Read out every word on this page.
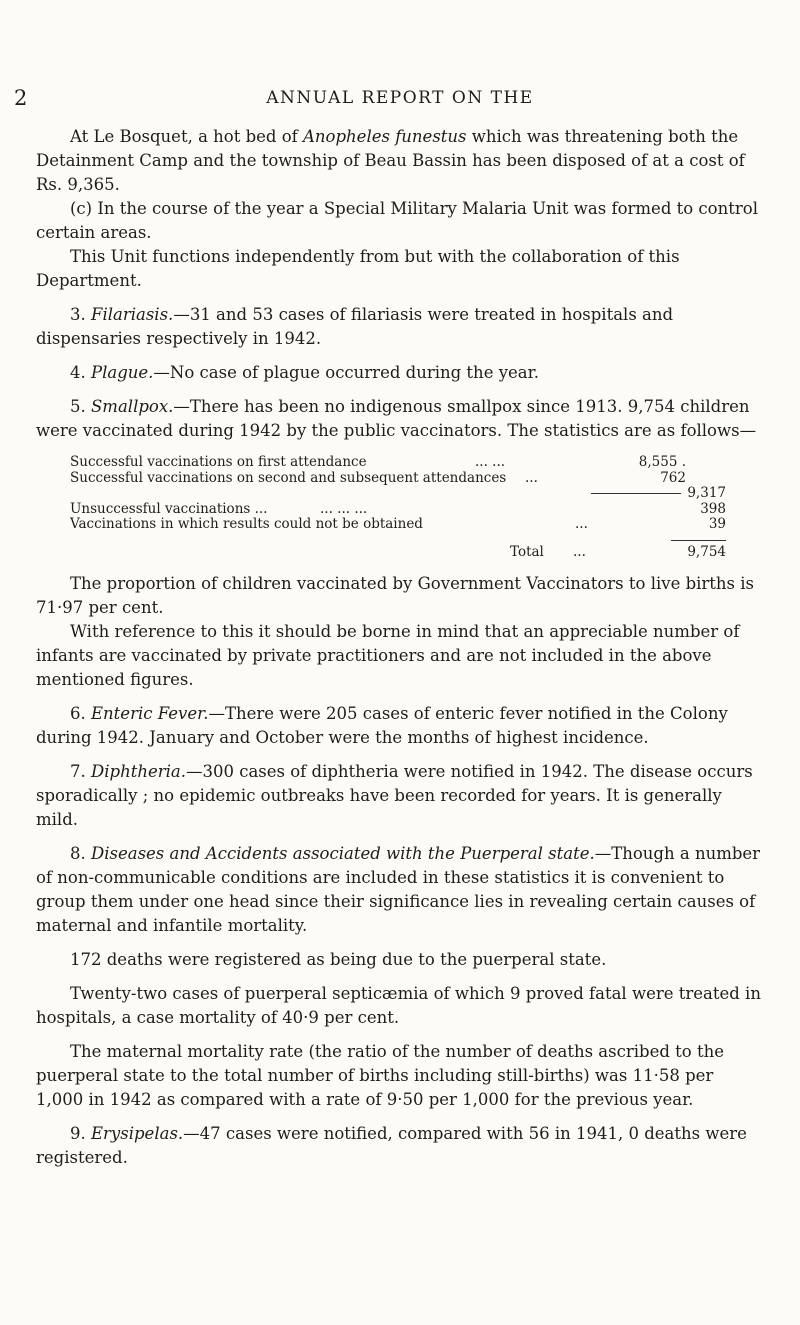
2	ANNUAL REPORT ON THE

At Le Bosquet, a hot bed of Anopheles funestus which was threatening both the Detainment Camp and the township of Beau Bassin has been disposed of at a cost of Rs. 9,365.

(c) In the course of the year a Special Military Malaria Unit was formed to control certain areas.

This Unit functions independently from but with the collaboration of this Department.

3. Filariasis.—31 and 53 cases of filariasis were treated in hospitals and dispensaries respectively in 1942.

4. Plague.—No case of plague occurred during the year.

5. Smallpox.—There has been no indigenous smallpox since 1913. 9,754 children were vaccinated during 1942 by the public vaccinators. The statistics are as follows—

Successful vaccinations on first attendance	... ...	8,555 .
Successful vaccinations on second and subsequent attendances ...	762
9,317
Unsuccessful vaccinations ...	... ... ...	398
Vaccinations in which results could not be obtained	...	39
Total ...	9,754

The proportion of children vaccinated by Government Vaccinators to live births is 71·97 per cent.

With reference to this it should be borne in mind that an appreciable number of infants are vaccinated by private practitioners and are not included in the above mentioned figures.

6. Enteric Fever.—There were 205 cases of enteric fever notified in the Colony during 1942. January and October were the months of highest incidence.

7. Diphtheria.—300 cases of diphtheria were notified in 1942. The disease occurs sporadically ; no epidemic outbreaks have been recorded for years. It is generally mild.

8. Diseases and Accidents associated with the Puerperal state.—Though a number of non-communicable conditions are included in these statistics it is convenient to group them under one head since their significance lies in revealing certain causes of maternal and infantile mortality.

172 deaths were registered as being due to the puerperal state.

Twenty-two cases of puerperal septicæmia of which 9 proved fatal were treated in hospitals, a case mortality of 40·9 per cent.

The maternal mortality rate (the ratio of the number of deaths ascribed to the puerperal state to the total number of births including still-births) was 11·58 per 1,000 in 1942 as compared with a rate of 9·50 per 1,000 for the previous year.

9. Erysipelas.—47 cases were notified, compared with 56 in 1941, 0 deaths were registered.
